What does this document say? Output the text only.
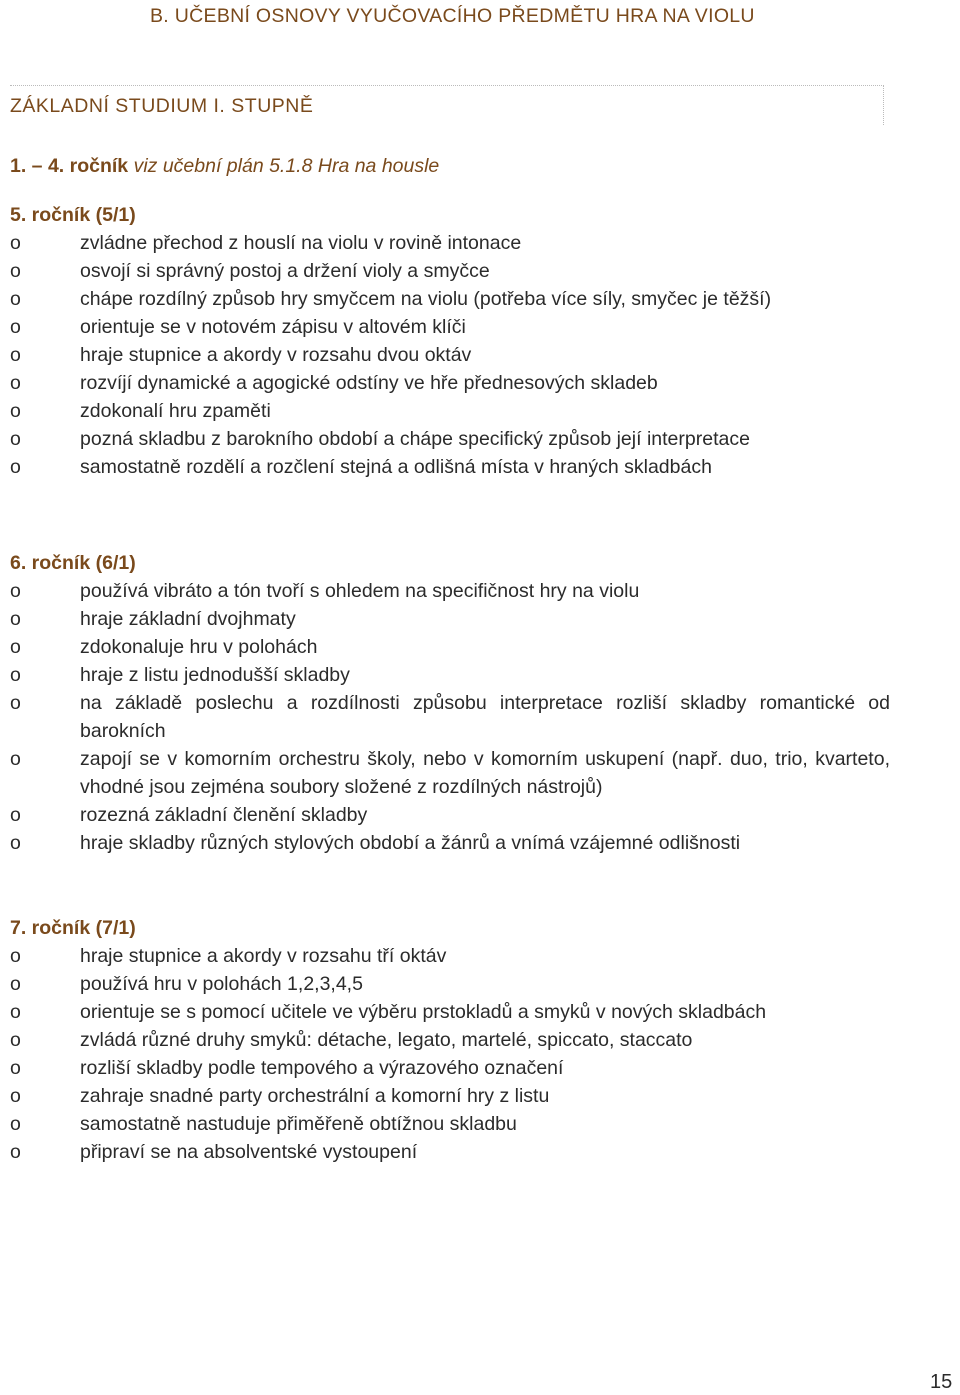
B. UČEBNÍ OSNOVY VYUČOVACÍHO PŘEDMĚTU HRA NA VIOLU
ZÁKLADNÍ STUDIUM I. STUPNĚ
1. – 4. ročník viz učební plán 5.1.8 Hra na housle
5. ročník (5/1)
o	zvládne přechod z houslí na violu v rovině intonace
o	osvojí si správný postoj a držení violy a smyčce
o	chápe rozdílný způsob hry smyčcem na violu (potřeba více síly, smyčec je těžší)
o	orientuje se v notovém zápisu v altovém klíči
o	hraje stupnice a akordy v rozsahu dvou oktáv
o	rozvíjí dynamické a agogické odstíny ve hře přednesových skladeb
o	zdokonalí hru zpaměti
o	pozná skladbu z barokního období a chápe specifický způsob její interpretace
o	samostatně rozdělí a rozčlení stejná a odlišná místa v hraných skladbách
6. ročník (6/1)
o	používá vibráto a tón tvoří s ohledem na specifičnost hry na violu
o	hraje základní dvojhmaty
o	zdokonaluje hru v polohách
o	hraje z listu jednodušší skladby
o	na základě poslechu a rozdílnosti způsobu interpretace rozliší skladby romantické od barokních
o	zapojí se v komorním orchestru školy, nebo v komorním uskupení (např. duo, trio, kvarteto, vhodné jsou zejména soubory složené z rozdílných nástrojů)
o	rozezná základní členění skladby
o	hraje skladby různých stylových období a žánrů a vnímá vzájemné odlišnosti
7. ročník (7/1)
o	hraje stupnice a akordy v rozsahu tří oktáv
o	používá hru v polohách 1,2,3,4,5
o	orientuje se s pomocí učitele ve výběru prstokladů a smyků v nových skladbách
o	zvládá různé druhy smyků: détache, legato, martelé, spiccato, staccato
o	rozliší skladby podle tempového a výrazového označení
o	zahraje snadné party orchestrální a komorní hry z listu
o	samostatně nastuduje přiměřeně obtížnou skladbu
o	připraví se na absolventské vystoupení
15
